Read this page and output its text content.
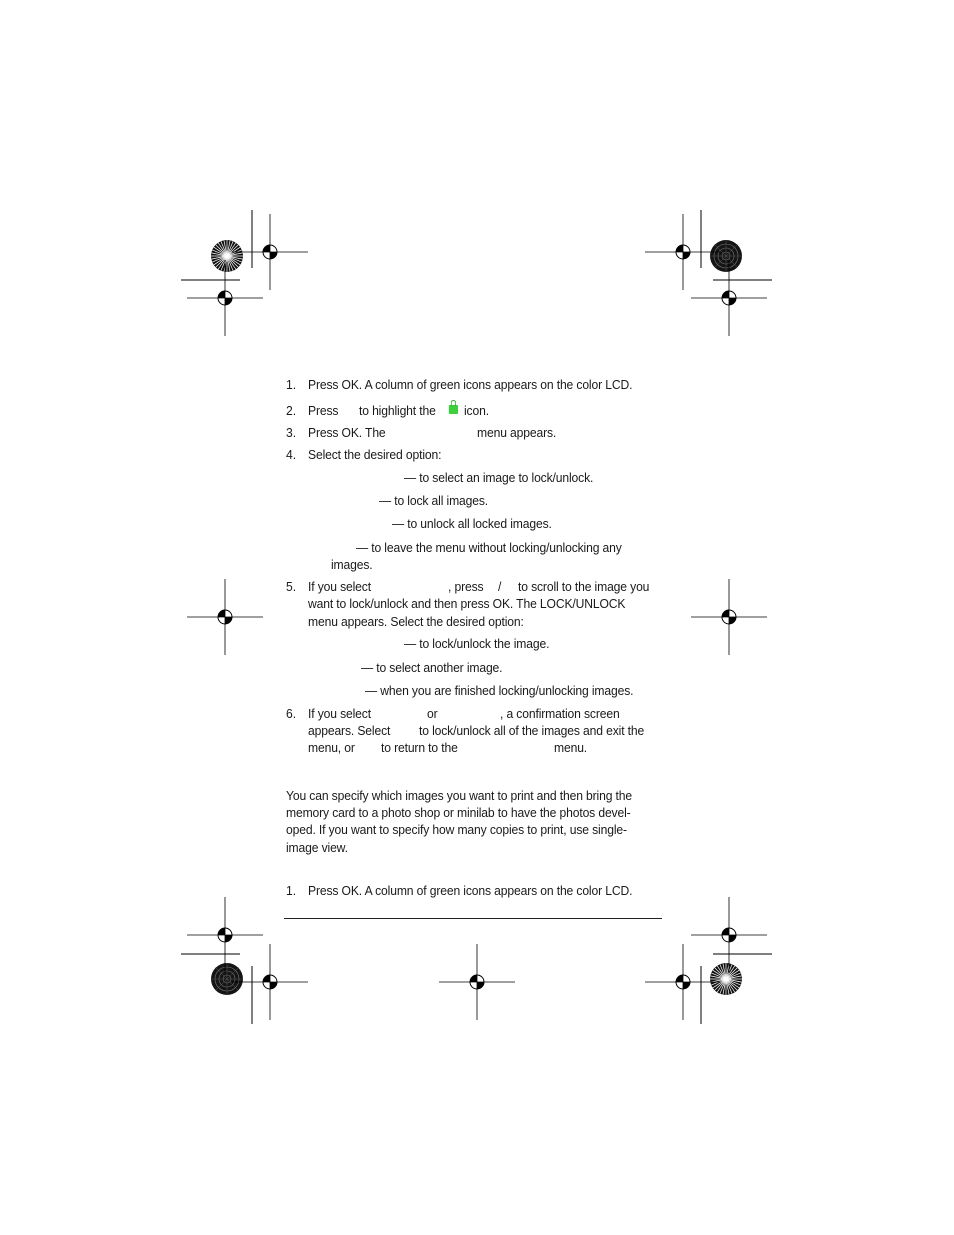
1. Press OK. A column of green icons appears on the color LCD.
2. Press to highlight the icon.
3. Press OK. The	menu appears.
4. Select the desired option:
— to select an image to lock/unlock.
— to lock all images.
— to unlock all locked images.
— to leave the menu without locking/unlocking any
images.
5. If you select	, press / to scroll to the image you
want to lock/unlock and then press OK. The LOCK/UNLOCK
menu appears. Select the desired option:
— to lock/unlock the image.
— to select another image.
— when you are finished locking/unlocking images.
6. If you select	or	, a confirmation screen
appears. Select to lock/unlock all of the images and exit the
menu, or to return to the	menu.
You can specify which images you want to print and then bring the
memory card to a photo shop or minilab to have the photos devel-
oped. If you want to specify how many copies to print, use single-
image view.
1. Press OK. A column of green icons appears on the color LCD.
